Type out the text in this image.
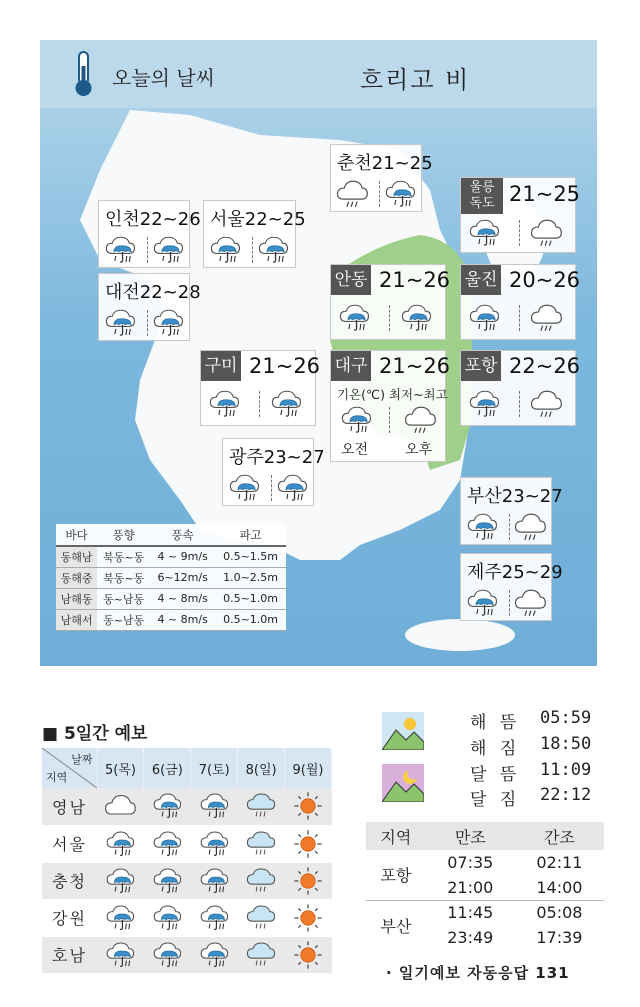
오늘의 날씨	흐리고 비
인천22~26 서울22~25
춘천21~25
대전22~28
광주23~27
부산23~27
제주25~29
울릉
독도 21~25
안동 21~26 울진 20~26
구미 21~26	포항 22~26
대구 21~26
기온(℃) 최저~최고
오전	오후
바다	풍향	풍속	파고
동해남	북동~동	4 ~ 9m/s	0.5~1.5m
동해중	북동~동	6~12m/s	1.0~2.5m
남해동	동~남동	4 ~ 8m/s	0.5~1.0m
남해서	동~남동	4 ~ 8m/s	0.5~1.0m
■ 5일간 예보
날짜
지역	5(목)	6(금)	7(토)	8(일)	9(월)
영남					
서울					
충청					
강원					
호남					
해 뜸	05:59
해 짐	18:50
달 뜸	11:09
달 짐	22:12
지역	만조	간조
포항	07:35	02:11
	21:00	14:00
부산	11:45	05:08
	23:49	17:39
· 일기예보 자동응답 131
